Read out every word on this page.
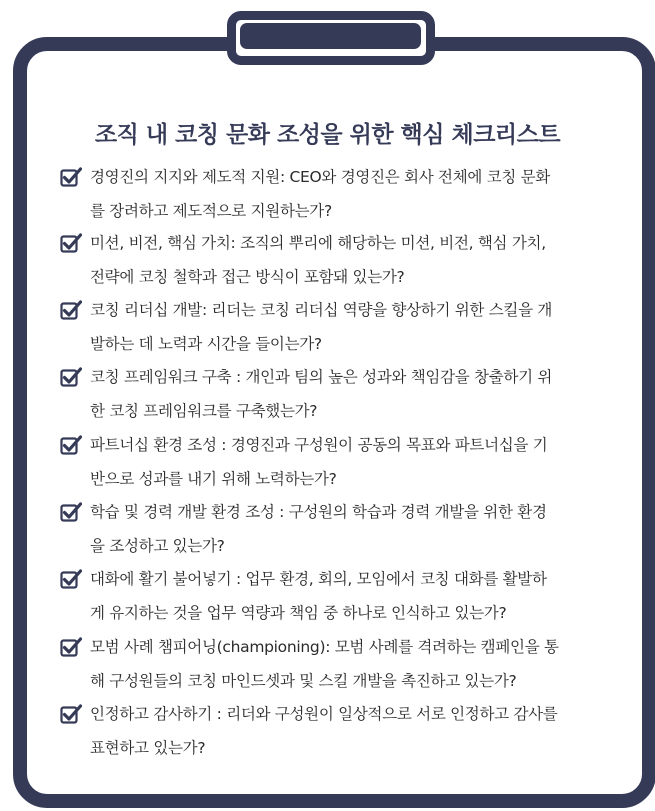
조직 내 코칭 문화 조성을 위한 핵심 체크리스트
경영진의 지지와 제도적 지원: CEO와 경영진은 회사 전체에 코칭 문화
를 장려하고 제도적으로 지원하는가?
미션, 비전, 핵심 가치: 조직의 뿌리에 해당하는 미션, 비전, 핵심 가치,
전략에 코칭 철학과 접근 방식이 포함돼 있는가?
코칭 리더십 개발: 리더는 코칭 리더십 역량을 향상하기 위한 스킬을 개
발하는 데 노력과 시간을 들이는가?
코칭 프레임워크 구축 : 개인과 팀의 높은 성과와 책임감을 창출하기 위
한 코칭 프레임워크를 구축했는가?
파트너십 환경 조성 : 경영진과 구성원이 공동의 목표와 파트너십을 기
반으로 성과를 내기 위해 노력하는가?
학습 및 경력 개발 환경 조성 : 구성원의 학습과 경력 개발을 위한 환경
을 조성하고 있는가?
대화에 활기 불어넣기 : 업무 환경, 회의, 모임에서 코칭 대화를 활발하
게 유지하는 것을 업무 역량과 책임 중 하나로 인식하고 있는가?
모범 사례 챔피어닝(championing): 모범 사례를 격려하는 캠페인을 통
해 구성원들의 코칭 마인드셋과 및 스킬 개발을 촉진하고 있는가?
인정하고 감사하기 : 리더와 구성원이 일상적으로 서로 인정하고 감사를
표현하고 있는가?
